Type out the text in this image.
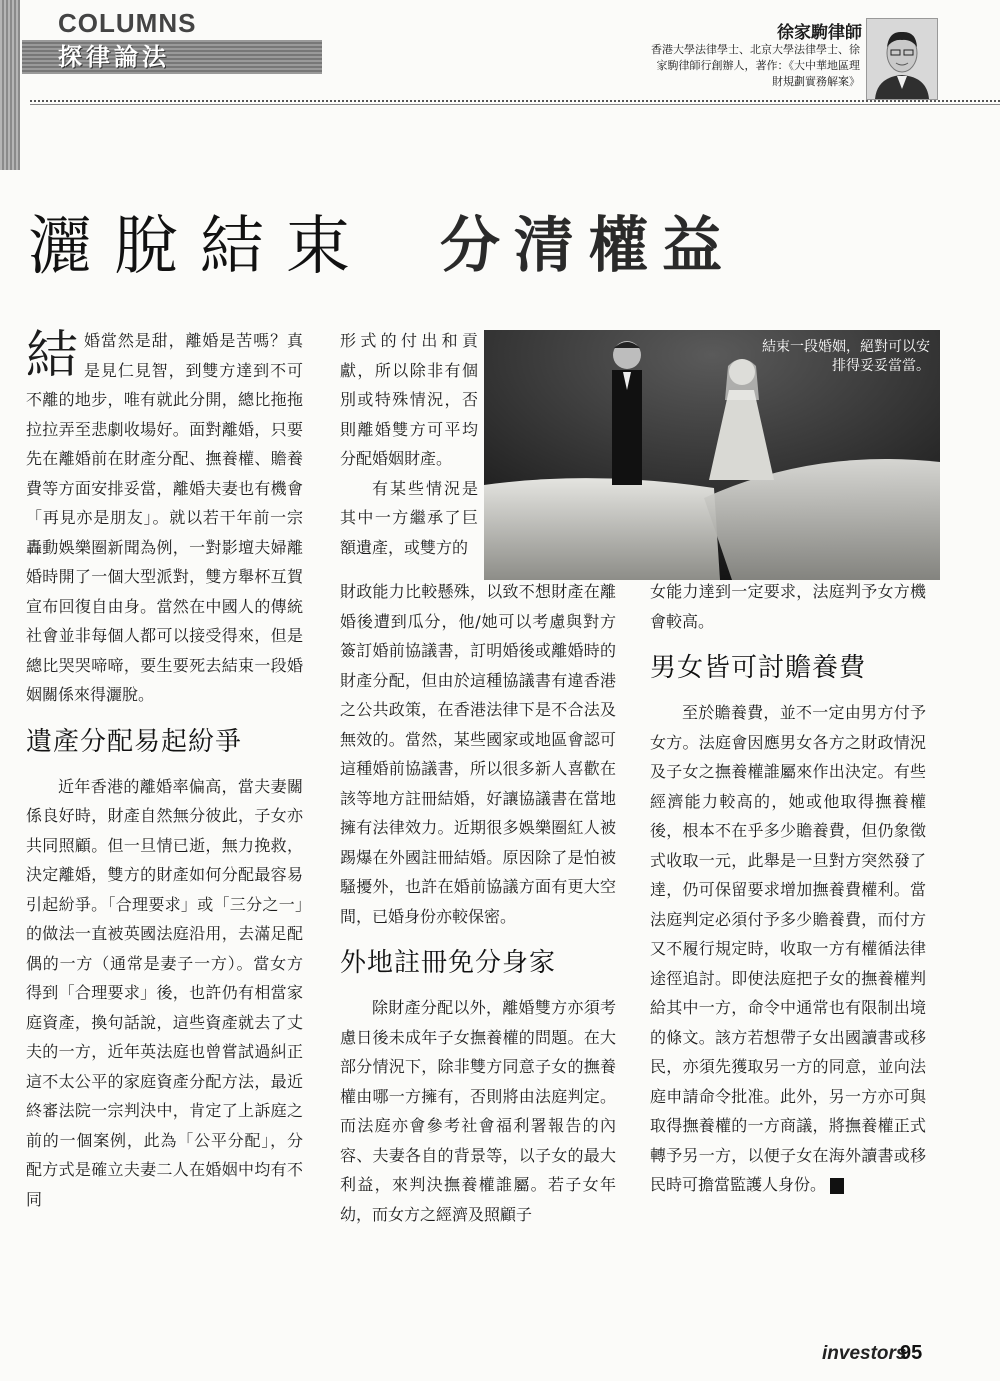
COLUMNS
探律論法
徐家駒律師
香港大學法律學士、北京大學法律學士、徐家駒律師行創辦人，著作：《大中華地區理財規劃實務解案》
灑脫結束 分清權益
結束一段婚姻，絕對可以安排得妥妥當當。

結婚當然是甜，離婚是苦嗎？真是見仁見智，到雙方達到不可不離的地步，唯有就此分開，總比拖拖拉拉弄至悲劇收場好。面對離婚，只要先在離婚前在財產分配、撫養權、贍養費等方面安排妥當，離婚夫妻也有機會「再見亦是朋友」。就以若干年前一宗轟動娛樂圈新聞為例，一對影壇夫婦離婚時開了一個大型派對，雙方舉杯互賀宣布回復自由身。當然在中國人的傳統社會並非每個人都可以接受得來，但是總比哭哭啼啼，要生要死去結束一段婚姻關係來得灑脫。

遺產分配易起紛爭

近年香港的離婚率偏高，當夫妻關係良好時，財產自然無分彼此，子女亦共同照顧。但一旦情已逝，無力挽救，決定離婚，雙方的財產如何分配最容易引起紛爭。「合理要求」或「三分之一」的做法一直被英國法庭沿用，去滿足配偶的一方（通常是妻子一方）。當女方得到「合理要求」後，也許仍有相當家庭資產，換句話說，這些資產就去了丈夫的一方，近年英法庭也曾嘗試過糾正這不太公平的家庭資產分配方法，最近終審法院一宗判決中，肯定了上訴庭之前的一個案例，此為「公平分配」，分配方式是確立夫妻二人在婚姻中均有不同

形式的付出和貢獻，所以除非有個別或特殊情況，否則離婚雙方可平均分配婚姻財產。

有某些情況是其中一方繼承了巨額遺產，或雙方的

財政能力比較懸殊，以致不想財產在離婚後遭到瓜分，他/她可以考慮與對方簽訂婚前協議書，訂明婚後或離婚時的財產分配，但由於這種協議書有違香港之公共政策，在香港法律下是不合法及無效的。當然，某些國家或地區會認可這種婚前協議書，所以很多新人喜歡在該等地方註冊結婚，好讓協議書在當地擁有法律效力。近期很多娛樂圈紅人被踢爆在外國註冊結婚。原因除了是怕被騷擾外，也許在婚前協議方面有更大空間，已婚身份亦較保密。

外地註冊免分身家

除財產分配以外，離婚雙方亦須考慮日後未成年子女撫養權的問題。在大部分情況下，除非雙方同意子女的撫養權由哪一方擁有，否則將由法庭判定。而法庭亦會參考社會福利署報告的內容、夫妻各自的背景等，以子女的最大利益，來判決撫養權誰屬。若子女年幼，而女方之經濟及照顧子

女能力達到一定要求，法庭判予女方機會較高。

男女皆可討贍養費

至於贍養費，並不一定由男方付予女方。法庭會因應男女各方之財政情況及子女之撫養權誰屬來作出決定。有些經濟能力較高的，她或他取得撫養權後，根本不在乎多少贍養費，但仍象徵式收取一元，此舉是一旦對方突然發了達，仍可保留要求增加撫養費權利。當法庭判定必須付予多少贍養費，而付方又不履行規定時，收取一方有權循法律途徑追討。即使法庭把子女的撫養權判給其中一方，命令中通常也有限制出境的條文。該方若想帶子女出國讀書或移民，亦須先獲取另一方的同意，並向法庭申請命令批准。此外，另一方亦可與取得撫養權的一方商議，將撫養權正式轉予另一方，以便子女在海外讀書或移民時可擔當監護人身份。

investors
95
